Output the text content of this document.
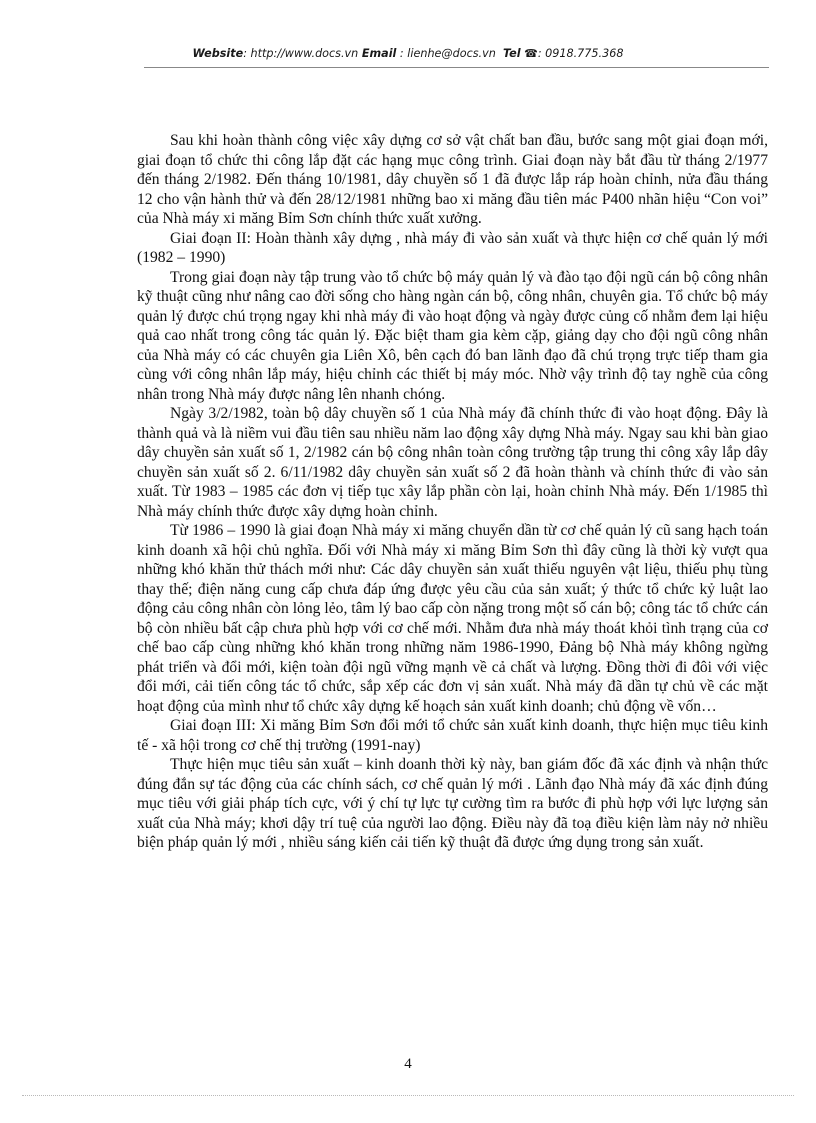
Website: http://www.docs.vn Email : lienhe@docs.vn Tel ☎: 0918.775.368

Sau khi hoàn thành công việc xây dựng cơ sở vật chất ban đầu, bước sang một giai đoạn mới, giai đoạn tổ chức thi công lắp đặt các hạng mục công trình. Giai đoạn này bắt đầu từ tháng 2/1977 đến tháng 2/1982. Đến tháng 10/1981, dây chuyền số 1 đã được lắp ráp hoàn chỉnh, nửa đầu tháng 12 cho vận hành thử và đến 28/12/1981 những bao xi măng đầu tiên mác P400 nhãn hiệu “Con voi” của Nhà máy xi măng Bỉm Sơn chính thức xuất xưởng.

Giai đoạn II: Hoàn thành xây dựng , nhà máy đi vào sản xuất và thực hiện cơ chế quản lý mới (1982 – 1990)

Trong giai đoạn này tập trung vào tổ chức bộ máy quản lý và đào tạo đội ngũ cán bộ công nhân kỹ thuật cũng như nâng cao đời sống cho hàng ngàn cán bộ, công nhân, chuyên gia. Tổ chức bộ máy quản lý được chú trọng ngay khi nhà máy đi vào hoạt động và ngày được củng cố nhằm đem lại hiệu quả cao nhất trong công tác quản lý. Đặc biệt tham gia kèm cặp, giảng dạy cho đội ngũ công nhân của Nhà máy có các chuyên gia Liên Xô, bên cạch đó ban lãnh đạo đã chú trọng trực tiếp tham gia cùng với công nhân lắp máy, hiệu chỉnh các thiết bị máy móc. Nhờ vậy trình độ tay nghề của công nhân trong Nhà máy được nâng lên nhanh chóng.

Ngày 3/2/1982, toàn bộ dây chuyền số 1 của Nhà máy đã chính thức đi vào hoạt động. Đây là thành quả và là niềm vui đầu tiên sau nhiều năm lao động xây dựng Nhà máy. Ngay sau khi bàn giao dây chuyền sản xuất số 1, 2/1982 cán bộ công nhân toàn công trường tập trung thi công xây lắp dây chuyền sản xuất số 2. 6/11/1982 dây chuyền sản xuất số 2 đã hoàn thành và chính thức đi vào sản xuất. Từ 1983 – 1985 các đơn vị tiếp tục xây lắp phần còn lại, hoàn chỉnh Nhà máy. Đến 1/1985 thì Nhà máy chính thức được xây dựng hoàn chỉnh.

Từ 1986 – 1990 là giai đoạn Nhà máy xi măng chuyển dần từ cơ chế quản lý cũ sang hạch toán kinh doanh xã hội chủ nghĩa. Đối với Nhà máy xi măng Bỉm Sơn thì đây cũng là thời kỳ vượt qua những khó khăn thử thách mới như: Các dây chuyền sản xuất thiếu nguyên vật liệu, thiếu phụ tùng thay thế; điện năng cung cấp chưa đáp ứng được yêu cầu của sản xuất; ý thức tổ chức kỷ luật lao động cảu công nhân còn lỏng lẻo, tâm lý bao cấp còn nặng trong một số cán bộ; công tác tổ chức cán bộ còn nhiều bất cập chưa phù hợp với cơ chế mới. Nhằm đưa nhà máy thoát khỏi tình trạng của cơ chế bao cấp cùng những khó khăn trong những năm 1986-1990, Đảng bộ Nhà máy không ngừng phát triển và đổi mới, kiện toàn đội ngũ vững mạnh về cả chất và lượng. Đồng thời đi đôi với việc đổi mới, cải tiến công tác tổ chức, sắp xếp các đơn vị sản xuất. Nhà máy đã dần tự chủ về các mặt hoạt động của mình như tổ chức xây dựng kế hoạch sản xuất kinh doanh; chủ động về vốn…

Giai đoạn III: Xi măng Bỉm Sơn đổi mới tổ chức sản xuất kinh doanh, thực hiện mục tiêu kinh tế - xã hội trong cơ chế thị trường (1991-nay)

Thực hiện mục tiêu sản xuất – kinh doanh thời kỳ này, ban giám đốc đã xác định và nhận thức đúng đắn sự tác động của các chính sách, cơ chế quản lý mới . Lãnh đạo Nhà máy đã xác định đúng mục tiêu với giải pháp tích cực, với ý chí tự lực tự cường tìm ra bước đi phù hợp với lực lượng sản xuất của Nhà máy; khơi dậy trí tuệ của người lao động. Điều này đã toạ điều kiện làm nảy nở nhiều biện pháp quản lý mới , nhiều sáng kiến cải tiến kỹ thuật đã được ứng dụng trong sản xuất.

4
